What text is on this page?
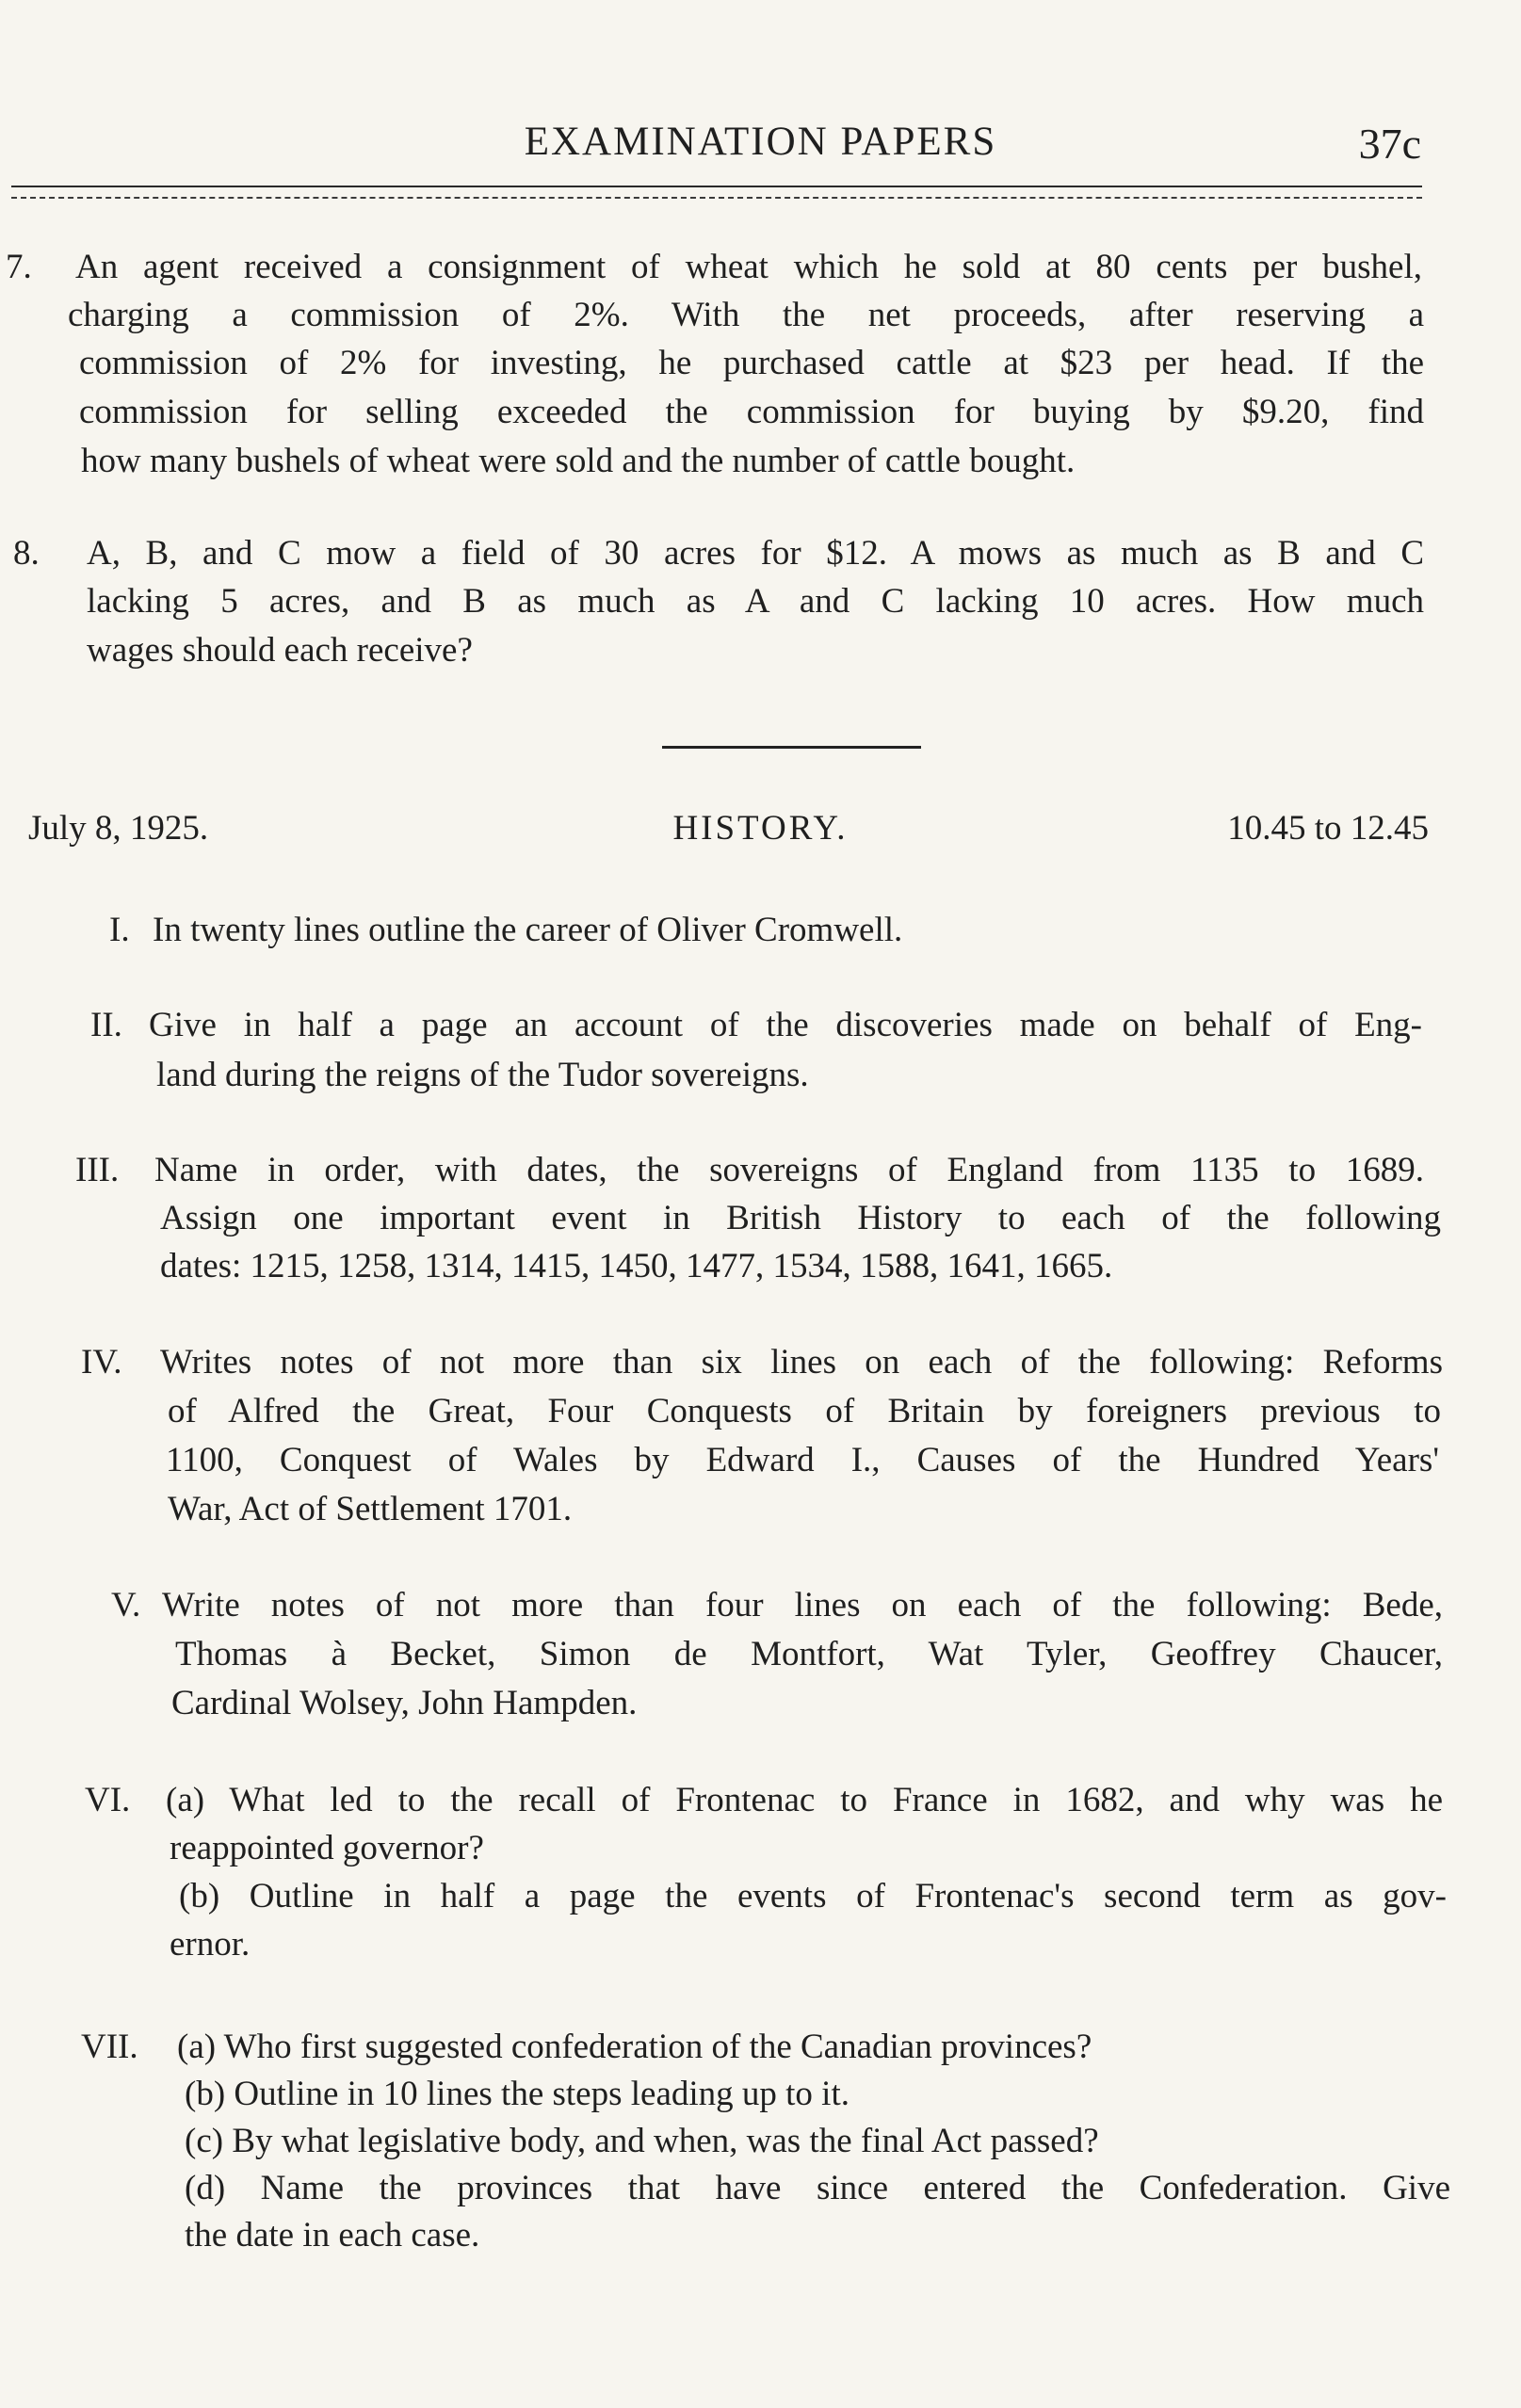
EXAMINATION PAPERS	37c
7. An agent received a consignment of wheat which he sold at 80 cents per bushel,
charging a commission of 2%. With the net proceeds, after reserving a
commission of 2% for investing, he purchased cattle at $23 per head. If the
commission for selling exceeded the commission for buying by $9.20, find
how many bushels of wheat were sold and the number of cattle bought.
8. A, B, and C mow a field of 30 acres for $12. A mows as much as B and C
lacking 5 acres, and B as much as A and C lacking 10 acres. How much
wages should each receive?
July 8, 1925.	HISTORY.	10.45 to 12.45
I. In twenty lines outline the career of Oliver Cromwell.
II. Give in half a page an account of the discoveries made on behalf of Eng-
land during the reigns of the Tudor sovereigns.
III. Name in order, with dates, the sovereigns of England from 1135 to 1689.
Assign one important event in British History to each of the following
dates: 1215, 1258, 1314, 1415, 1450, 1477, 1534, 1588, 1641, 1665.
IV. Writes notes of not more than six lines on each of the following: Reforms
of Alfred the Great, Four Conquests of Britain by foreigners previous to
1100, Conquest of Wales by Edward I., Causes of the Hundred Years'
War, Act of Settlement 1701.
V. Write notes of not more than four lines on each of the following: Bede,
Thomas à Becket, Simon de Montfort, Wat Tyler, Geoffrey Chaucer,
Cardinal Wolsey, John Hampden.
VI. (a) What led to the recall of Frontenac to France in 1682, and why was he
reappointed governor?
(b) Outline in half a page the events of Frontenac's second term as gov-
ernor.
VII. (a) Who first suggested confederation of the Canadian provinces?
(b) Outline in 10 lines the steps leading up to it.
(c) By what legislative body, and when, was the final Act passed?
(d) Name the provinces that have since entered the Confederation. Give
the date in each case.
